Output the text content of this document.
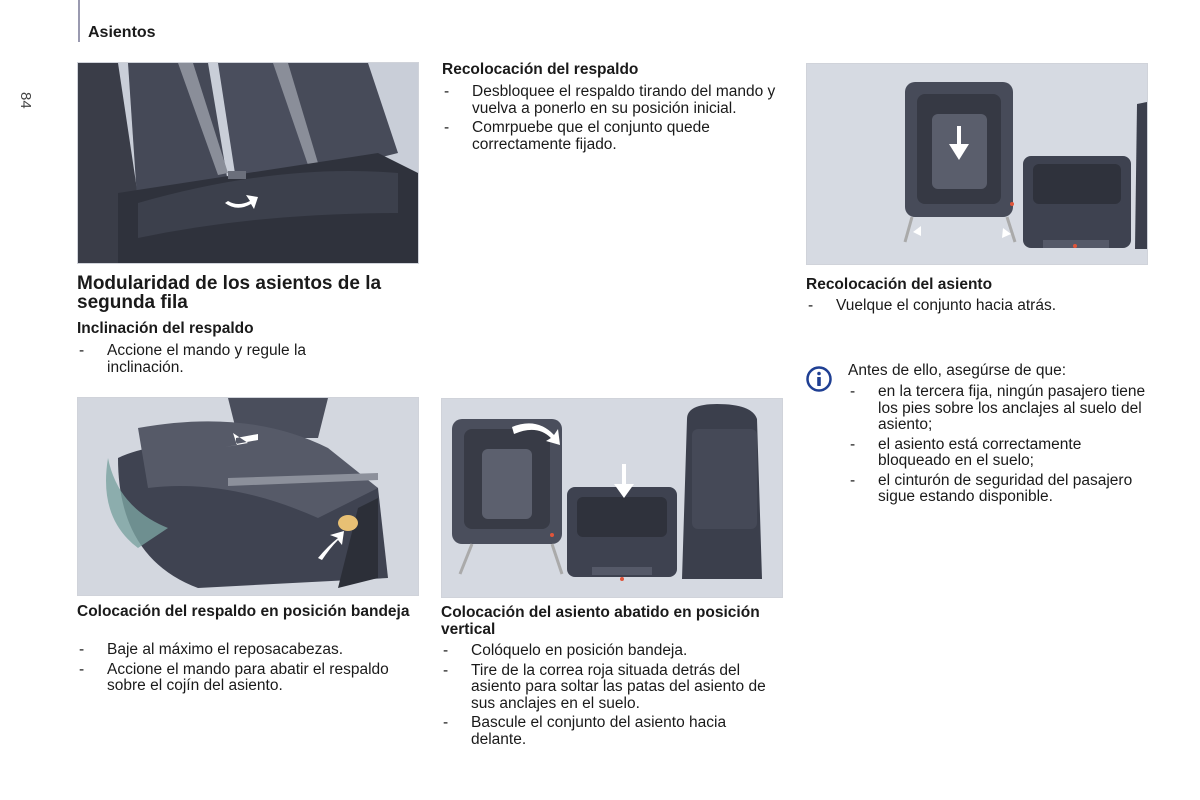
Asientos
84
Modularidad de los asientos de la segunda fila
Inclinación del respaldo
- Accione el mando y regule la inclinación.
Colocación del respaldo en posición bandeja
- Baje al máximo el reposacabezas.
- Accione el mando para abatir el respaldo sobre el cojín del asiento.
Recolocación del respaldo
- Desbloquee el respaldo tirando del mando y vuelva a ponerlo en su posición inicial.
- Comrpuebe que el conjunto quede correctamente fijado.
Colocación del asiento abatido en posición vertical
- Colóquelo en posición bandeja.
- Tire de la correa roja situada detrás del asiento para soltar las patas del asiento de sus anclajes en el suelo.
- Bascule el conjunto del asiento hacia delante.
Recolocación del asiento
- Vuelque el conjunto hacia atrás.
Antes de ello, asegúrse de que:
- en la tercera fija, ningún pasajero tiene los pies sobre los anclajes al suelo del asiento;
- el asiento está correctamente bloqueado en el suelo;
- el cinturón de seguridad del pasajero sigue estando disponible.
